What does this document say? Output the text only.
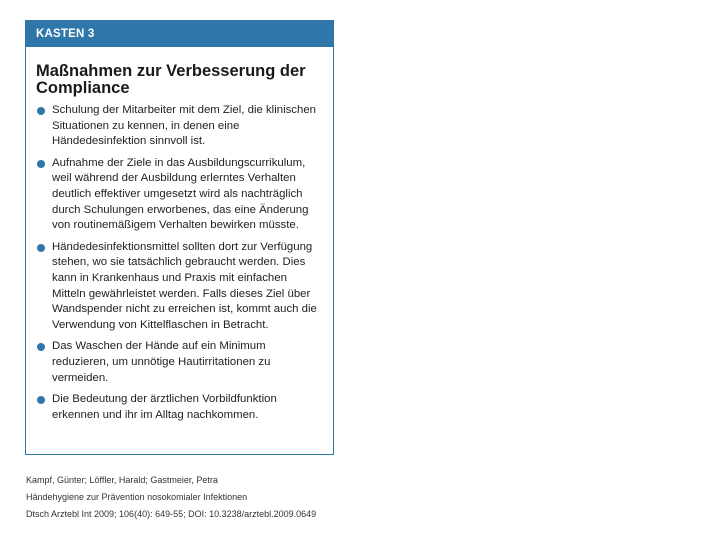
KASTEN 3
Maßnahmen zur Verbesserung der Compliance
Schulung der Mitarbeiter mit dem Ziel, die klinischen Situationen zu kennen, in denen eine Händedesinfektion sinnvoll ist.
Aufnahme der Ziele in das Ausbildungscurrikulum, weil während der Ausbildung erlerntes Verhalten deutlich effektiver umgesetzt wird als nachträglich durch Schulungen erworbenes, das eine Änderung von routinemäßigem Verhalten bewirken müsste.
Händedesinfektionsmittel sollten dort zur Verfügung stehen, wo sie tatsächlich gebraucht werden. Dies kann in Krankenhaus und Praxis mit einfachen Mitteln gewährleistet werden. Falls dieses Ziel über Wandspender nicht zu erreichen ist, kommt auch die Verwendung von Kittelflaschen in Betracht.
Das Waschen der Hände auf ein Minimum reduzieren, um unnötige Hautirritationen zu vermeiden.
Die Bedeutung der ärztlichen Vorbildfunktion erkennen und ihr im Alltag nachkommen.
Kampf, Günter; Löffler, Harald; Gastmeier, Petra
Händehygiene zur Prävention nosokomialer Infektionen
Dtsch Arztebl Int 2009; 106(40): 649-55; DOI: 10.3238/arztebl.2009.0649
